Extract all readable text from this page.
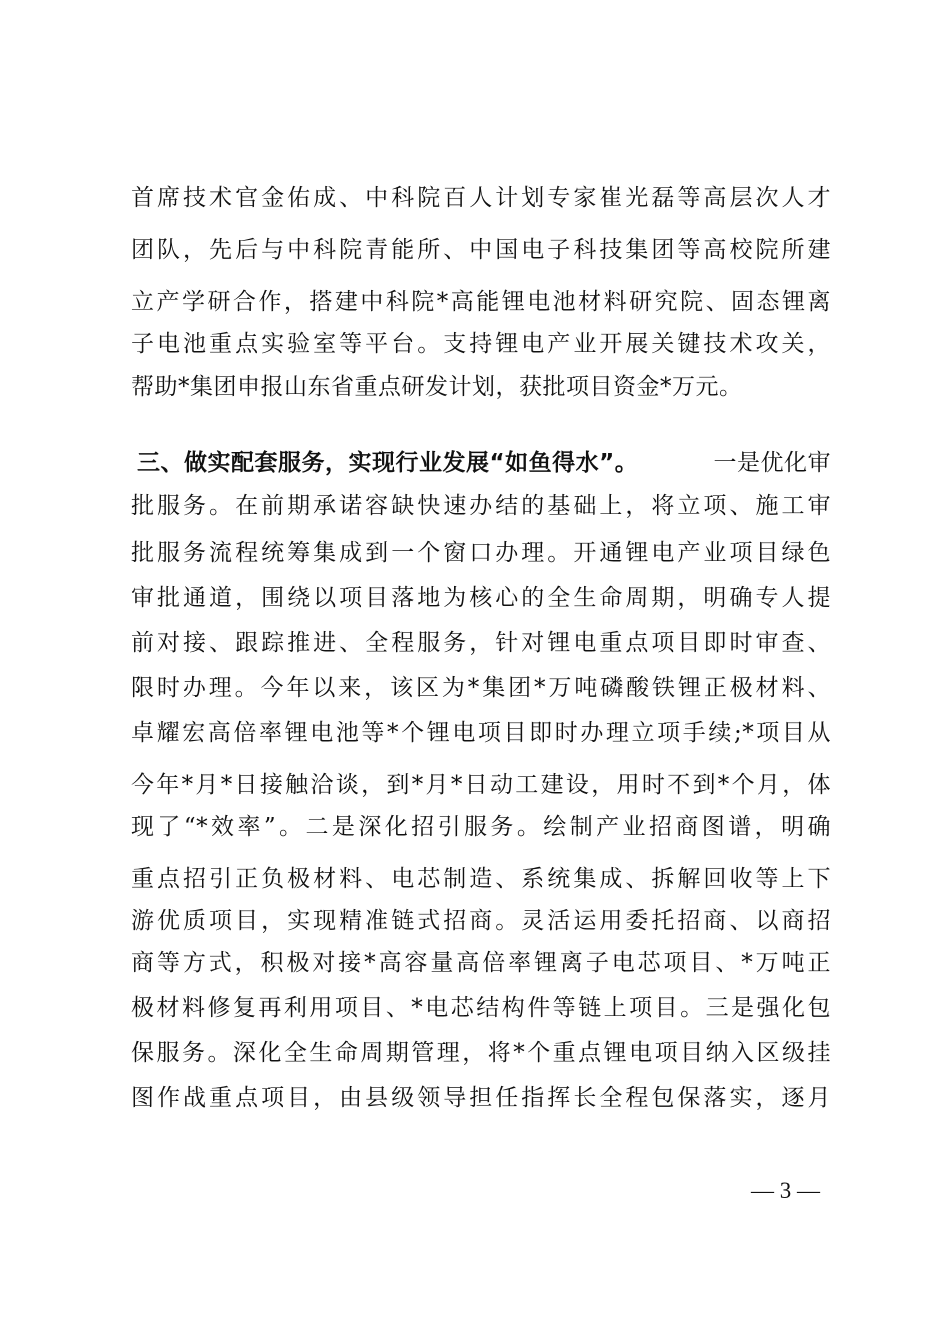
首席技术官金佑成、中科院百人计划专家崔光磊等高层次人才
团队，先后与中科院青能所、中国电子科技集团等高校院所建
立产学研合作，搭建中科院*高能锂电池材料研究院、固态锂离
子电池重点实验室等平台。支持锂电产业开展关键技术攻关，
帮助*集团申报山东省重点研发计划，获批项目资金*万元。
三、做实配套服务，实现行业发展“如鱼得水”。	一是优化审
批服务。在前期承诺容缺快速办结的基础上，将立项、施工审
批服务流程统筹集成到一个窗口办理。开通锂电产业项目绿色
审批通道，围绕以项目落地为核心的全生命周期，明确专人提
前对接、跟踪推进、全程服务，针对锂电重点项目即时审查、
限时办理。今年以来，该区为*集团*万吨磷酸铁锂正极材料、
卓耀宏高倍率锂电池等*个锂电项目即时办理立项手续;*项目从
今年*月*日接触洽谈，到*月*日动工建设，用时不到*个月，体
现了“*效率”。二是深化招引服务。绘制产业招商图谱，明确
重点招引正负极材料、电芯制造、系统集成、拆解回收等上下
游优质项目，实现精准链式招商。灵活运用委托招商、以商招
商等方式，积极对接*高容量高倍率锂离子电芯项目、*万吨正
极材料修复再利用项目、*电芯结构件等链上项目。三是强化包
保服务。深化全生命周期管理，将*个重点锂电项目纳入区级挂
图作战重点项目，由县级领导担任指挥长全程包保落实，逐月
— 3 —
